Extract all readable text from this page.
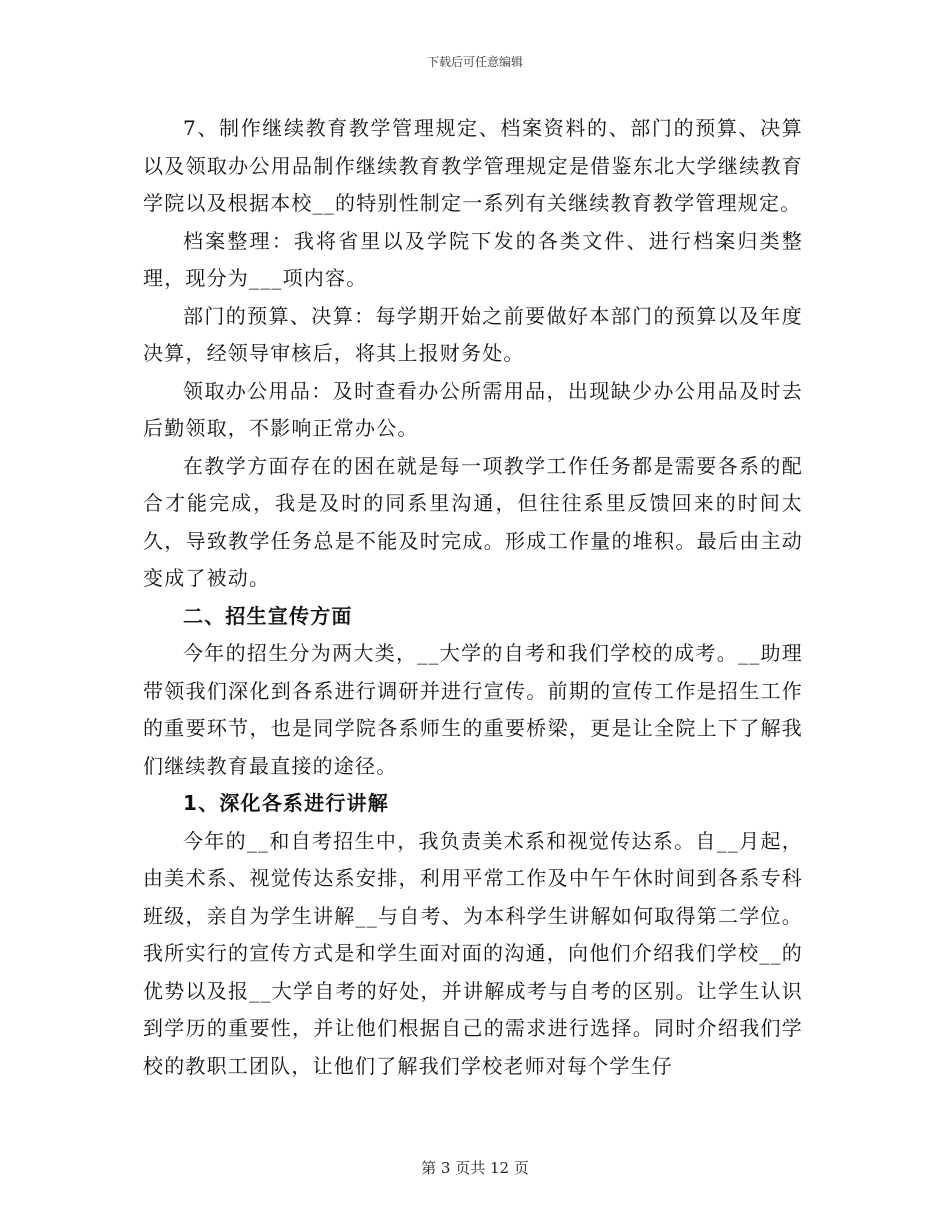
下载后可任意编辑

7、制作继续教育教学管理规定、档案资料的、部门的预算、决算以及领取办公用品制作继续教育教学管理规定是借鉴东北大学继续教育学院以及根据本校__的特别性制定一系列有关继续教育教学管理规定。

档案整理：我将省里以及学院下发的各类文件、进行档案归类整理，现分为___项内容。

部门的预算、决算：每学期开始之前要做好本部门的预算以及年度决算，经领导审核后，将其上报财务处。

领取办公用品：及时查看办公所需用品，出现缺少办公用品及时去后勤领取，不影响正常办公。

在教学方面存在的困在就是每一项教学工作任务都是需要各系的配合才能完成，我是及时的同系里沟通，但往往系里反馈回来的时间太久，导致教学任务总是不能及时完成。形成工作量的堆积。最后由主动变成了被动。

二、招生宣传方面

今年的招生分为两大类，__大学的自考和我们学校的成考。__助理带领我们深化到各系进行调研并进行宣传。前期的宣传工作是招生工作的重要环节，也是同学院各系师生的重要桥梁，更是让全院上下了解我们继续教育最直接的途径。

1、深化各系进行讲解

今年的__和自考招生中，我负责美术系和视觉传达系。自__月起，由美术系、视觉传达系安排，利用平常工作及中午午休时间到各系专科班级，亲自为学生讲解__与自考、为本科学生讲解如何取得第二学位。我所实行的宣传方式是和学生面对面的沟通，向他们介绍我们学校__的优势以及报__大学自考的好处，并讲解成考与自考的区别。让学生认识到学历的重要性，并让他们根据自己的需求进行选择。同时介绍我们学校的教职工团队，让他们了解我们学校老师对每个学生仔

第 3 页共 12 页
